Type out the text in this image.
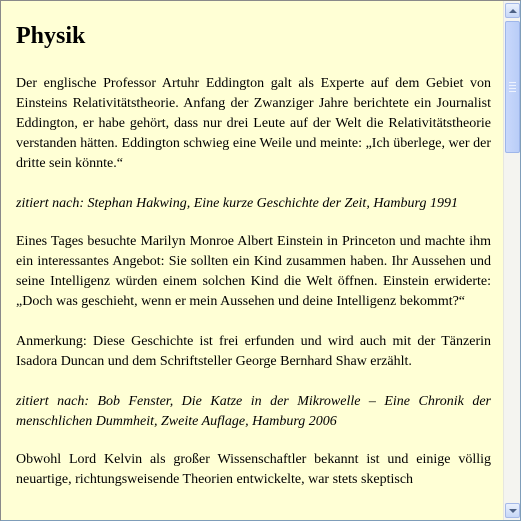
Physik

Der englische Professor Artuhr Eddington galt als Experte auf dem Gebiet von Einsteins Relativitätstheorie. Anfang der Zwanziger Jahre berichtete ein Journalist Eddington, er habe gehört, dass nur drei Leute auf der Welt die Relativitätstheorie verstanden hätten. Eddington schwieg eine Weile und meinte: „Ich überlege, wer der dritte sein könnte.“

zitiert nach: Stephan Hakwing, Eine kurze Geschichte der Zeit, Hamburg 1991

Eines Tages besuchte Marilyn Monroe Albert Einstein in Princeton und machte ihm ein interessantes Angebot: Sie sollten ein Kind zusammen haben. Ihr Aussehen und seine Intelligenz würden einem solchen Kind die Welt öffnen. Einstein erwiderte: „Doch was geschieht, wenn er mein Aussehen und deine Intelligenz bekommt?“

Anmerkung: Diese Geschichte ist frei erfunden und wird auch mit der Tänzerin Isadora Duncan und dem Schriftsteller George Bernhard Shaw erzählt.

zitiert nach: Bob Fenster, Die Katze in der Mikrowelle – Eine Chronik der menschlichen Dummheit, Zweite Auflage, Hamburg 2006

Obwohl Lord Kelvin als großer Wissenschaftler bekannt ist und einige völlig neuartige, richtungsweisende Theorien entwickelte, war stets skeptisch
